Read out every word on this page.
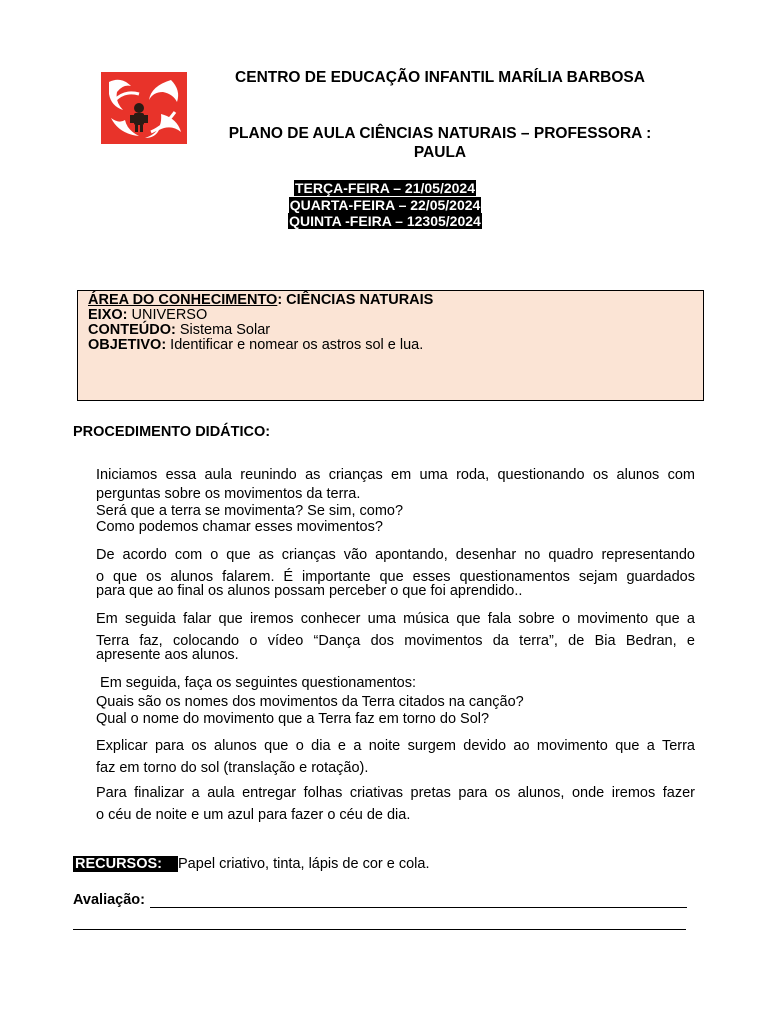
CENTRO DE EDUCAÇÃO INFANTIL MARÍLIA BARBOSA
PLANO DE AULA CIÊNCIAS NATURAIS – PROFESSORA :
PAULA
TERÇA-FEIRA – 21/05/2024
QUARTA-FEIRA – 22/05/2024
QUINTA -FEIRA – 12305/2024
ÁREA DO CONHECIMENTO: CIÊNCIAS NATURAIS
EIXO: UNIVERSO
CONTEÚDO: Sistema Solar
OBJETIVO: Identificar e nomear os astros sol e lua.
PROCEDIMENTO DIDÁTICO:
Iniciamos essa aula reunindo as crianças em uma roda, questionando os alunos com
perguntas sobre os movimentos da terra.
Será que a terra se movimenta? Se sim, como?
Como podemos chamar esses movimentos?
De acordo com o que as crianças vão apontando, desenhar no quadro representando
o que os alunos falarem. É importante que esses questionamentos sejam guardados
para que ao final os alunos possam perceber o que foi aprendido..
Em seguida falar que iremos conhecer uma música que fala sobre o movimento que a
Terra faz, colocando o vídeo “Dança dos movimentos da terra”, de Bia Bedran, e
apresente aos alunos.
Em seguida, faça os seguintes questionamentos:
Quais são os nomes dos movimentos da Terra citados na canção?
Qual o nome do movimento que a Terra faz em torno do Sol?
Explicar para os alunos que o dia e a noite surgem devido ao movimento que a Terra
faz em torno do sol (translação e rotação).
Para finalizar a aula entregar folhas criativas pretas para os alunos, onde iremos fazer
o céu de noite e um azul para fazer o céu de dia.
RECURSOS: Papel criativo, tinta, lápis de cor e cola.
Avaliação:
